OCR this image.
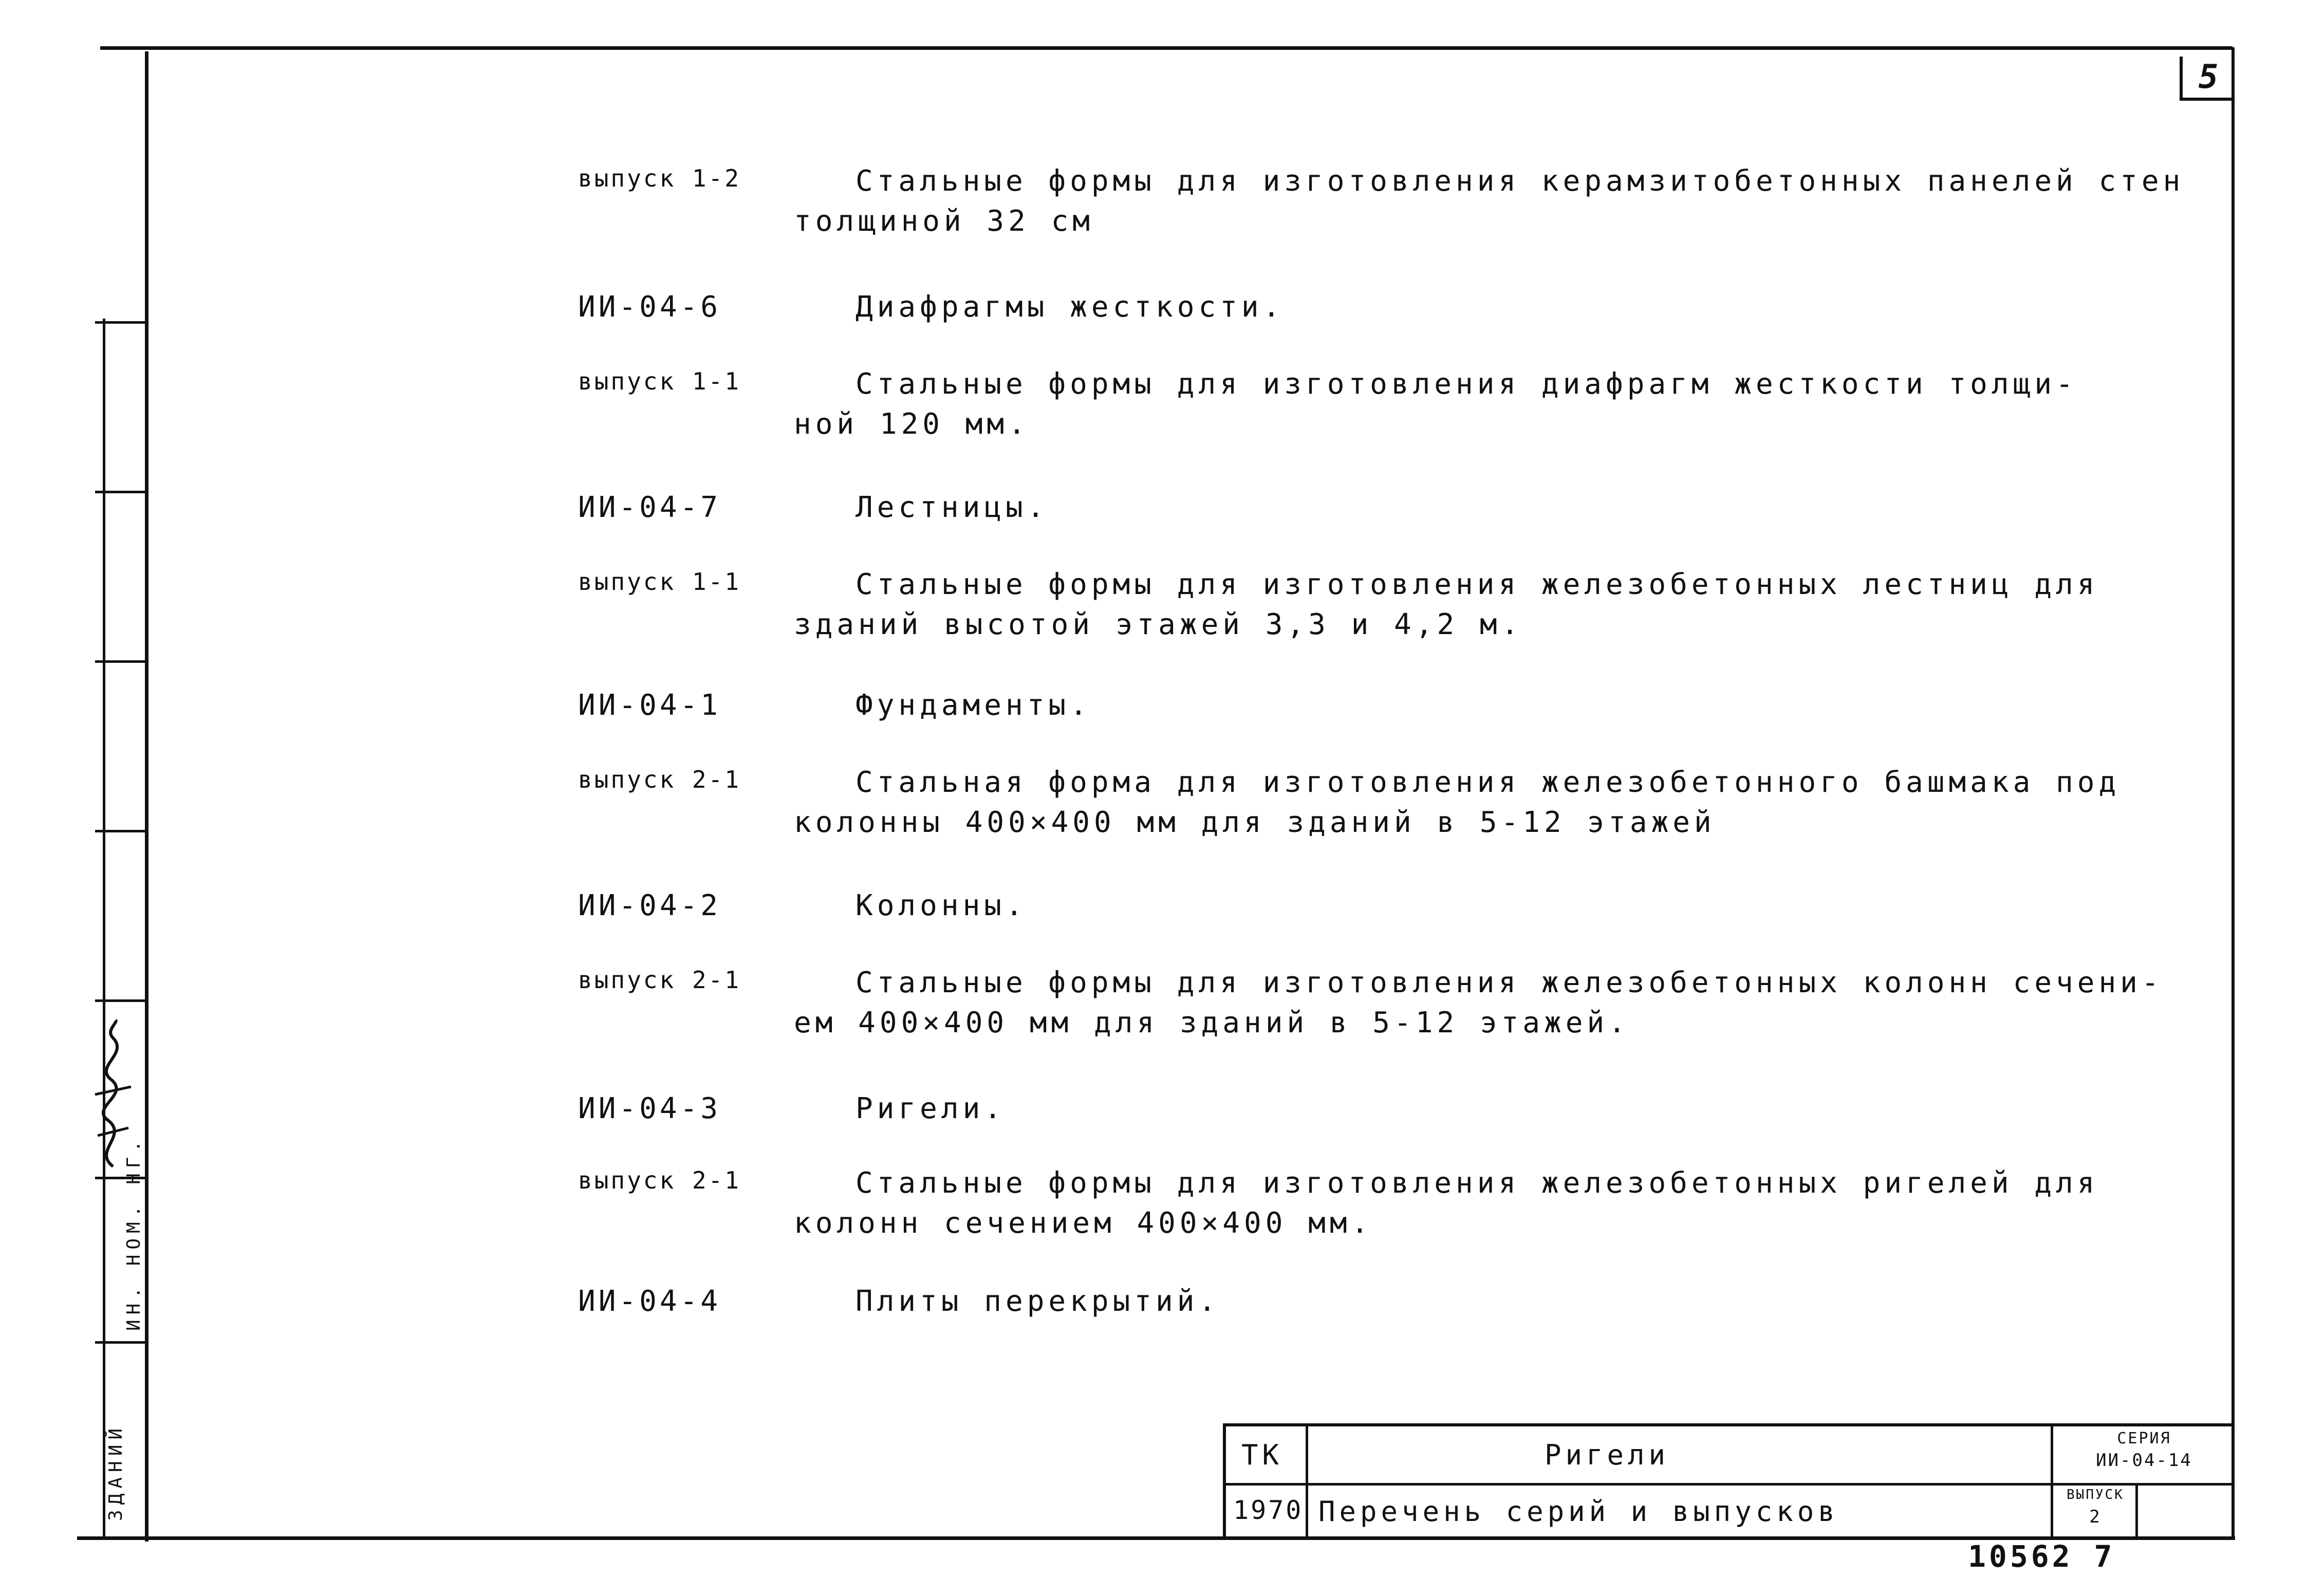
ЗДАНИЙ
ИН. НОМ. НГ.
5
выпуск 1-2	Стальные формы для изготовления керамзитобетонных панелей стен
толщиной 32 см
ИИ-04-6	Диафрагмы жесткости.
выпуск 1-1	Стальные формы для изготовления диафрагм жесткости толщи-
ной 120 мм.
ИИ-04-7	Лестницы.
выпуск 1-1	Стальные формы для изготовления железобетонных лестниц для
зданий высотой этажей 3,3 и 4,2 м.
ИИ-04-1	Фундаменты.
выпуск 2-1	Стальная форма для изготовления железобетонного башмака под
колонны 400×400 мм для зданий в 5-12 этажей
ИИ-04-2	Колонны.
выпуск 2-1	Стальные формы для изготовления железобетонных колонн сечени-
ем 400×400 мм для зданий в 5-12 этажей.
ИИ-04-3	Ригели.
выпуск 2-1	Стальные формы для изготовления железобетонных ригелей для
колонн сечением 400×400 мм.
ИИ-04-4	Плиты перекрытий.
ТК
1970
Ригели
Перечень серий и выпусков
СЕРИЯ
ИИ-04-14
ВЫПУСК
2
10562 7
